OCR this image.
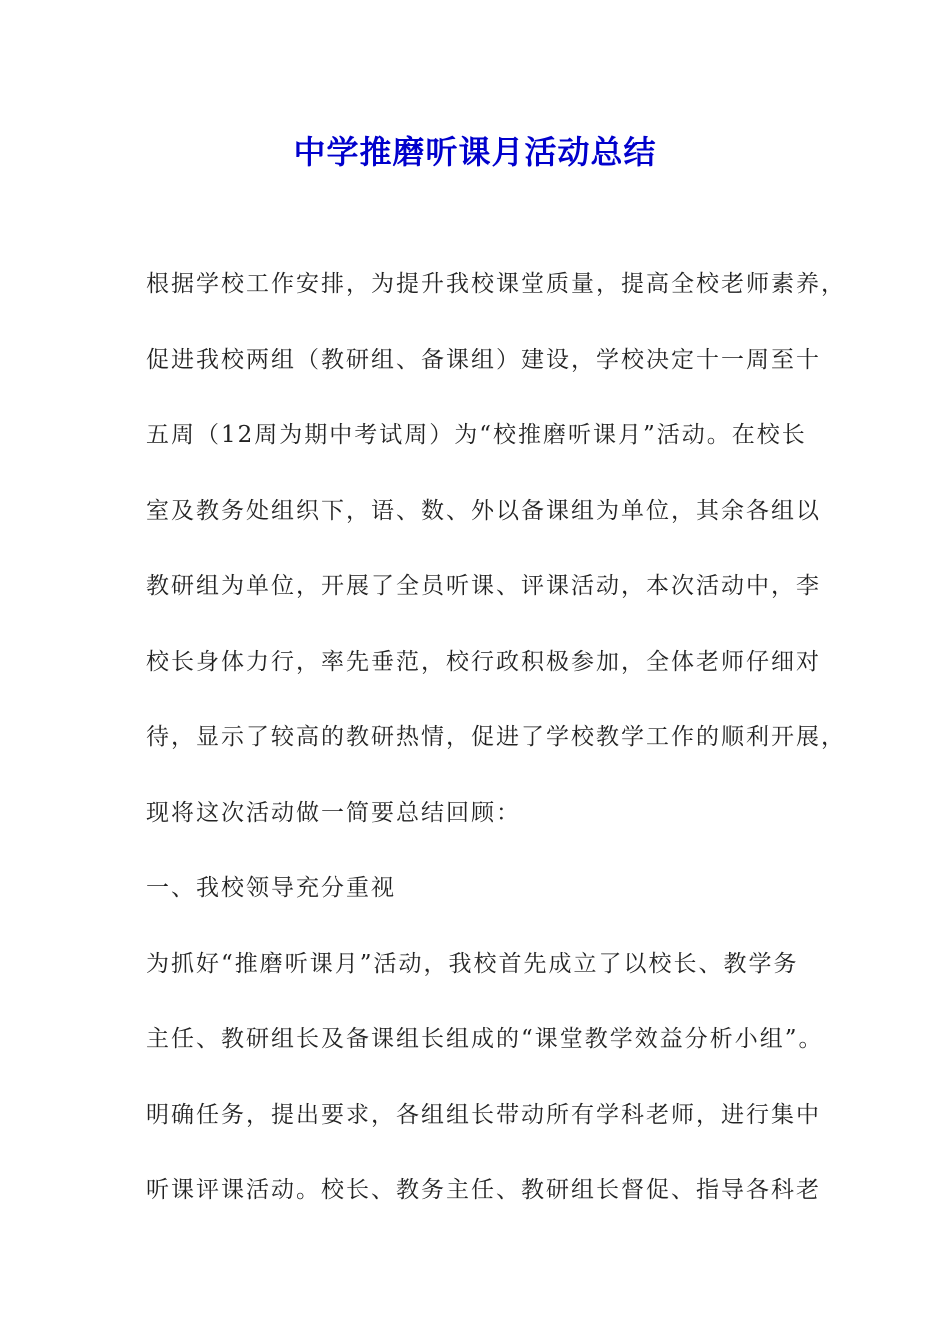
中学推磨听课月活动总结
根据学校工作安排，为提升我校课堂质量，提高全校老师素养，
促进我校两组（教研组、备课组）建设，学校决定十一周至十
五周（12周为期中考试周）为“校推磨听课月”活动。在校长
室及教务处组织下，语、数、外以备课组为单位，其余各组以
教研组为单位，开展了全员听课、评课活动，本次活动中，李
校长身体力行，率先垂范，校行政积极参加，全体老师仔细对
待，显示了较高的教研热情，促进了学校教学工作的顺利开展，
现将这次活动做一简要总结回顾：
一、我校领导充分重视
为抓好“推磨听课月”活动，我校首先成立了以校长、教学务
主任、教研组长及备课组长组成的“课堂教学效益分析小组”。
明确任务，提出要求，各组组长带动所有学科老师，进行集中
听课评课活动。校长、教务主任、教研组长督促、指导各科老
